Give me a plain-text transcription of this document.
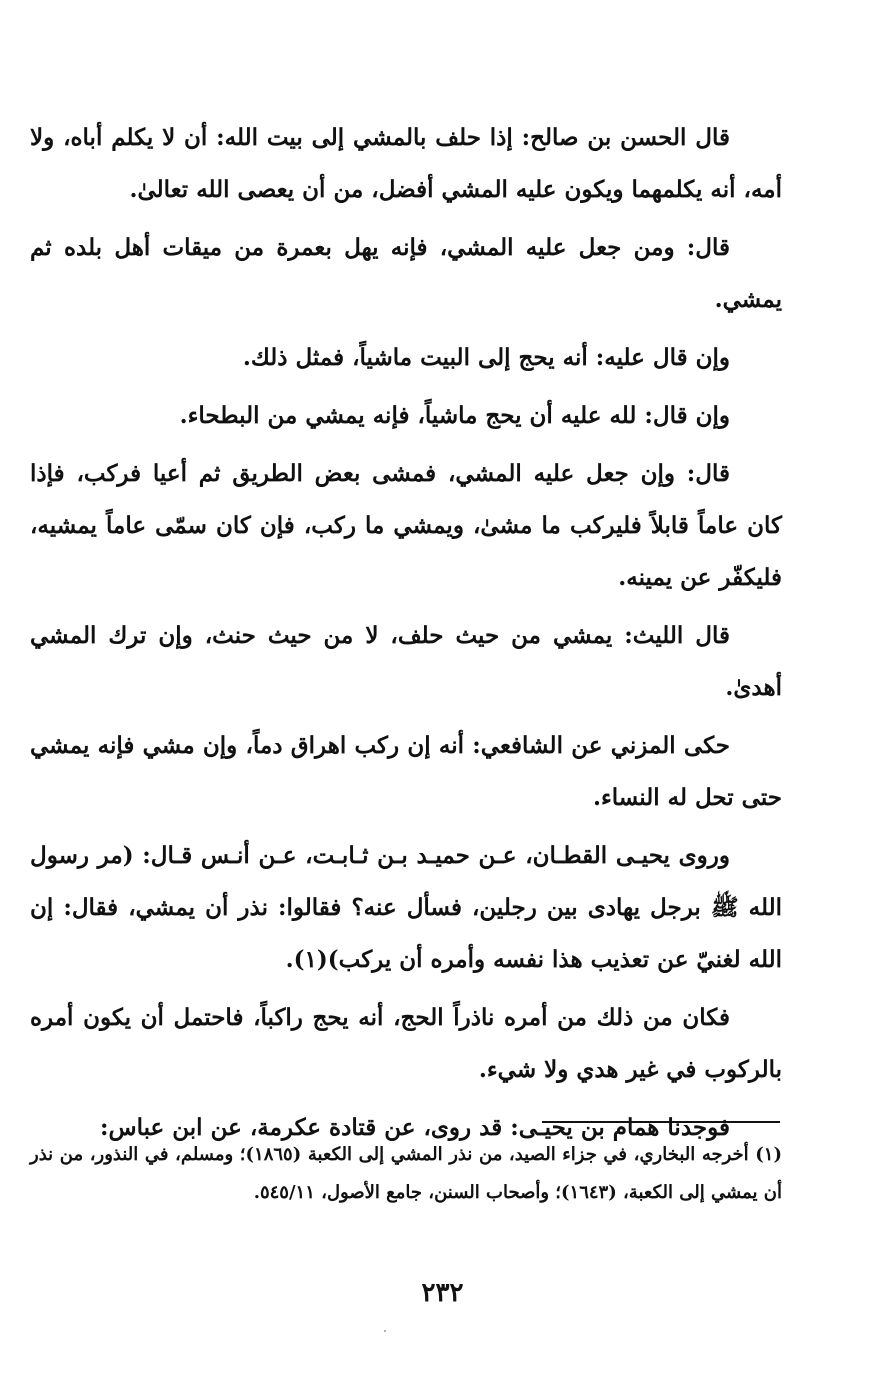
قال الحسن بن صالح: إذا حلف بالمشي إلى بيت الله: أن لا يكلم أباه، ولا أمه، أنه يكلمهما ويكون عليه المشي أفضل، من أن يعصى الله تعالىٰ.

قال: ومن جعل عليه المشي، فإنه يهل بعمرة من ميقات أهل بلده ثم يمشي.

وإن قال عليه: أنه يحج إلى البيت ماشياً، فمثل ذلك.

وإن قال: لله عليه أن يحج ماشياً، فإنه يمشي من البطحاء.

قال: وإن جعل عليه المشي، فمشى بعض الطريق ثم أعيا فركب، فإذا كان عاماً قابلاً فليركب ما مشىٰ، ويمشي ما ركب، فإن كان سمّى عاماً يمشيه، فليكفّر عن يمينه.

قال الليث: يمشي من حيث حلف، لا من حيث حنث، وإن ترك المشي أهدىٰ.

حكى المزني عن الشافعي: أنه إن ركب اهراق دماً، وإن مشي فإنه يمشي حتى تحل له النساء.

وروى يحيـى القطـان، عـن حميـد بـن ثـابـت، عـن أنـس قـال: (مر رسول الله ﷺ برجل يهادى بين رجلين، فسأل عنه؟ فقالوا: نذر أن يمشي، فقال: إن الله لغنيّ عن تعذيب هذا نفسه وأمره أن يركب)(١).

فكان من ذلك من أمره ناذراً الحج، أنه يحج راكباً، فاحتمل أن يكون أمره بالركوب في غير هدي ولا شيء.

فوجدنا همام بن يحيـى: قد روى، عن قتادة عكرمة، عن ابن عباس:

(١) أخرجه البخاري، في جزاء الصيد، من نذر المشي إلى الكعبة (١٨٦٥)؛ ومسلم، في النذور، من نذر أن يمشي إلى الكعبة، (١٦٤٣)؛ وأصحاب السنن، جامع الأصول، ٥٤٥/١١.

٢٣٢
